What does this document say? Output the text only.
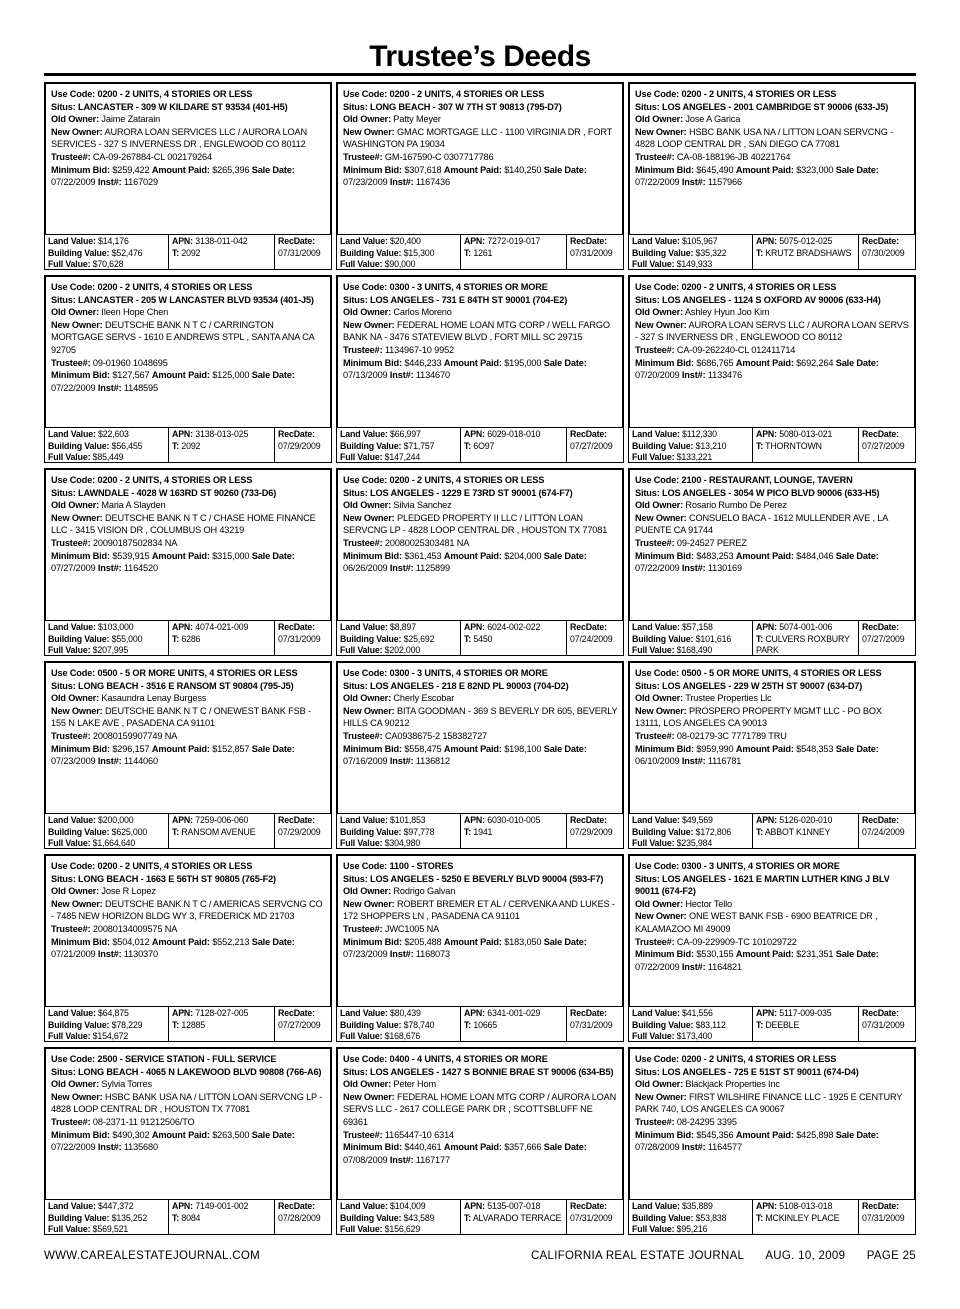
Trustee’s Deeds
Use Code: 0200 - 2 UNITS, 4 STORIES OR LESS
Situs: LANCASTER - 309 W KILDARE ST 93534 (401-H5)
Old Owner: Jaime Zatarain
New Owner: AURORA LOAN SERVICES LLC / AURORA LOAN SERVICES - 327 S INVERNESS DR , ENGLEWOOD CO 80112
Trustee#: CA-09-267884-CL 002179264
Minimum Bid: $259,422 Amount Paid: $265,396 Sale Date: 07/22/2009 Inst#: 1167029
Land Value: $14,176
Building Value: $52,476
Full Value: $70,628
APN: 3138-011-042
T: 2092
RecDate:
07/31/2009
Use Code: 0200 - 2 UNITS, 4 STORIES OR LESS
Situs: LONG BEACH - 307 W 7TH ST 90813 (795-D7)
Old Owner: Patty Meyer
New Owner: GMAC MORTGAGE LLC - 1100 VIRGINIA DR , FORT WASHINGTON PA 19034
Trustee#: GM-167590-C 0307717786
Minimum Bid: $307,618 Amount Paid: $140,250 Sale Date: 07/23/2009 Inst#: 1167436
Land Value: $20,400
Building Value: $15,300
Full Value: $90,000
APN: 7272-019-017
T: 1261
RecDate:
07/31/2009
Use Code: 0200 - 2 UNITS, 4 STORIES OR LESS
Situs: LOS ANGELES - 2001 CAMBRIDGE ST 90006 (633-J5)
Old Owner: Jose A Garica
New Owner: HSBC BANK USA NA / LITTON LOAN SERVCNG - 4828 LOOP CENTRAL DR , SAN DIEGO CA 77081
Trustee#: CA-08-188196-JB 40221764
Minimum Bid: $645,490 Amount Paid: $323,000 Sale Date: 07/22/2009 Inst#: 1157966
Land Value: $105,967
Building Value: $35,322
Full Value: $149,933
APN: 5075-012-025
T: KRUTZ BRADSHAWS
RecDate:
07/30/2009
Use Code: 0200 - 2 UNITS, 4 STORIES OR LESS
Situs: LANCASTER - 205 W LANCASTER BLVD 93534 (401-J5)
Old Owner: Ileen Hope Chen
New Owner: DEUTSCHE BANK N T C / CARRINGTON MORTGAGE SERVS - 1610 E ANDREWS STPL , SANTA ANA CA 92705
Trustee#: 09-01960 1048695
Minimum Bid: $127,567 Amount Paid: $125,000 Sale Date: 07/22/2009 Inst#: 1148595
Land Value: $22,603
Building Value: $56,455
Full Value: $85,449
APN: 3138-013-025
T: 2092
RecDate:
07/29/2009
Use Code: 0300 - 3 UNITS, 4 STORIES OR MORE
Situs: LOS ANGELES - 731 E 84TH ST 90001 (704-E2)
Old Owner: Carlos Moreno
New Owner: FEDERAL HOME LOAN MTG CORP / WELL FARGO BANK NA - 3476 STATEVIEW BLVD , FORT MILL SC 29715
Trustee#: 1134967-10 9952
Minimum Bid: $446,233 Amount Paid: $195,000 Sale Date: 07/13/2009 Inst#: 1134670
Land Value: $66,997
Building Value: $71,757
Full Value: $147,244
APN: 6029-018-010
T: 6O97
RecDate:
07/27/2009
Use Code: 0200 - 2 UNITS, 4 STORIES OR LESS
Situs: LOS ANGELES - 1124 S OXFORD AV 90006 (633-H4)
Old Owner: Ashley Hyun Joo Kim
New Owner: AURORA LOAN SERVS LLC / AURORA LOAN SERVS - 327 S INVERNESS DR , ENGLEWOOD CO 80112
Trustee#: CA-09-262240-CL 012411714
Minimum Bid: $686,765 Amount Paid: $692,264 Sale Date: 07/20/2009 Inst#: 1133476
Land Value: $112,330
Building Value: $13,210
Full Value: $133,221
APN: 5080-013-021
T: THORNTOWN
RecDate:
07/27/2009
Use Code: 0200 - 2 UNITS, 4 STORIES OR LESS
Situs: LAWNDALE - 4028 W 163RD ST 90260 (733-D6)
Old Owner: Maria A Slayden
New Owner: DEUTSCHE BANK N T C / CHASE HOME FINANCE LLC - 3415 VISION DR , COLUMBUS OH 43219
Trustee#: 20090187502834 NA
Minimum Bid: $539,915 Amount Paid: $315,000 Sale Date: 07/27/2009 Inst#: 1164520
Land Value: $103,000
Building Value: $55,000
Full Value: $207,995
APN: 4074-021-009
T: 6286
RecDate:
07/31/2009
Use Code: 0200 - 2 UNITS, 4 STORIES OR LESS
Situs: LOS ANGELES - 1229 E 73RD ST 90001 (674-F7)
Old Owner: Silvia Sanchez
New Owner: PLEDGED PROPERTY II LLC / LITTON LOAN SERVCNG LP - 4828 LOOP CENTRAL DR , HOUSTON TX 77081
Trustee#: 20080025303481 NA
Minimum Bid: $361,453 Amount Paid: $204,000 Sale Date: 06/26/2009 Inst#: 1125899
Land Value: $8,897
Building Value: $25,692
Full Value: $202,000
APN: 6024-002-022
T: 5450
RecDate:
07/24/2009
Use Code: 2100 - RESTAURANT, LOUNGE, TAVERN
Situs: LOS ANGELES - 3054 W PICO BLVD 90006 (633-H5)
Old Owner: Rosario Rumbo De Perez
New Owner: CONSUELO BACA - 1612 MULLENDER AVE , LA PUENTE CA 91744
Trustee#: 09-24527 PEREZ
Minimum Bid: $483,253 Amount Paid: $484,046 Sale Date: 07/22/2009 Inst#: 1130169
Land Value: $57,158
Building Value: $101,616
Full Value: $168,490
APN: 5074-001-006
T: CULVERS ROXBURY PARK
RecDate:
07/27/2009
Use Code: 0500 - 5 OR MORE UNITS, 4 STORIES OR LESS
Situs: LONG BEACH - 3516 E RANSOM ST 90804 (795-J5)
Old Owner: Kasaundra Lenay Burgess
New Owner: DEUTSCHE BANK N T C / ONEWEST BANK FSB - 155 N LAKE AVE , PASADENA CA 91101
Trustee#: 20080159907749 NA
Minimum Bid: $296,157 Amount Paid: $152,857 Sale Date: 07/23/2009 Inst#: 1144060
Land Value: $200,000
Building Value: $625,000
Full Value: $1,664,640
APN: 7259-006-060
T: RANSOM AVENUE
RecDate:
07/29/2009
Use Code: 0300 - 3 UNITS, 4 STORIES OR MORE
Situs: LOS ANGELES - 218 E 82ND PL 90003 (704-D2)
Old Owner: Cherly Escobar
New Owner: BITA GOODMAN - 369 S BEVERLY DR 605, BEVERLY HILLS CA 90212
Trustee#: CA0938675-2 158382727
Minimum Bid: $558,475 Amount Paid: $198,100 Sale Date: 07/16/2009 Inst#: 1136812
Land Value: $101,853
Building Value: $97,778
Full Value: $304,980
APN: 6030-010-005
T: 1941
RecDate:
07/29/2009
Use Code: 0500 - 5 OR MORE UNITS, 4 STORIES OR LESS
Situs: LOS ANGELES - 229 W 25TH ST 90007 (634-D7)
Old Owner: Trustee Properties Llc
New Owner: PROSPERO PROPERTY MGMT LLC - PO BOX 13111, LOS ANGELES CA 90013
Trustee#: 08-02179-3C 7771789 TRU
Minimum Bid: $959,990 Amount Paid: $548,353 Sale Date: 06/10/2009 Inst#: 1116781
Land Value: $49,569
Building Value: $172,806
Full Value: $235,984
APN: 5126-020-010
T: ABBOT K1NNEY
RecDate:
07/24/2009
Use Code: 0200 - 2 UNITS, 4 STORIES OR LESS
Situs: LONG BEACH - 1663 E 56TH ST 90805 (765-F2)
Old Owner: Jose R Lopez
New Owner: DEUTSCHE BANK N T C / AMERICAS SERVCNG CO - 7485 NEW HORIZON BLDG WY 3, FREDERICK MD 21703
Trustee#: 20080134009575 NA
Minimum Bid: $504,012 Amount Paid: $552,213 Sale Date: 07/21/2009 Inst#: 1130370
Land Value: $64,875
Building Value: $78,229
Full Value: $154,672
APN: 7128-027-005
T: 12885
RecDate:
07/27/2009
Use Code: 1100 - STORES
Situs: LOS ANGELES - 5250 E BEVERLY BLVD 90004 (593-F7)
Old Owner: Rodrigo Galvan
New Owner: ROBERT BREMER ET AL / CERVENKA AND LUKES - 172 SHOPPERS LN , PASADENA CA 91101
Trustee#: JWC1005 NA
Minimum Bid: $205,488 Amount Paid: $183,050 Sale Date: 07/23/2009 Inst#: 1168073
Land Value: $80,439
Building Value: $78,740
Full Value: $168,676
APN: 6341-001-029
T: 10665
RecDate:
07/31/2009
Use Code: 0300 - 3 UNITS, 4 STORIES OR MORE
Situs: LOS ANGELES - 1621 E MARTIN LUTHER KING J BLV 90011 (674-F2)
Old Owner: Hector Tello
New Owner: ONE WEST BANK FSB - 6900 BEATRICE DR , KALAMAZOO MI 49009
Trustee#: CA-09-229909-TC 101029722
Minimum Bid: $530,155 Amount Paid: $231,351 Sale Date: 07/22/2009 Inst#: 1164821
Land Value: $41,556
Building Value: $83,112
Full Value: $173,400
APN: 5117-009-035
T: DEEBLE
RecDate:
07/31/2009
Use Code: 2500 - SERVICE STATION - FULL SERVICE
Situs: LONG BEACH - 4065 N LAKEWOOD BLVD 90808 (766-A6)
Old Owner: Sylvia Torres
New Owner: HSBC BANK USA NA / LITTON LOAN SERVCNG LP - 4828 LOOP CENTRAL DR , HOUSTON TX 77081
Trustee#: 08-2371-11 91212506/TO
Minimum Bid: $490,302 Amount Paid: $263,500 Sale Date: 07/22/2009 Inst#: 1135680
Land Value: $447,372
Building Value: $135,252
Full Value: $569,521
APN: 7149-001-002
T: 8084
RecDate:
07/28/2009
Use Code: 0400 - 4 UNITS, 4 STORIES OR MORE
Situs: LOS ANGELES - 1427 S BONNIE BRAE ST 90006 (634-B5)
Old Owner: Peter Hom
New Owner: FEDERAL HOME LOAN MTG CORP / AURORA LOAN SERVS LLC - 2617 COLLEGE PARK DR , SCOTTSBLUFF NE 69361
Trustee#: 1165447-10 6314
Minimum Bid: $440,461 Amount Paid: $357,666 Sale Date: 07/08/2009 Inst#: 1167177
Land Value: $104,009
Building Value: $43,589
Full Value: $156,629
APN: 5135-007-018
T: ALVARADO TERRACE
RecDate:
07/31/2009
Use Code: 0200 - 2 UNITS, 4 STORIES OR LESS
Situs: LOS ANGELES - 725 E 51ST ST 90011 (674-D4)
Old Owner: Blackjack Properties Inc
New Owner: FIRST WILSHIRE FINANCE LLC - 1925 E CENTURY PARK 740, LOS ANGELES CA 90067
Trustee#: 08-24295 3395
Minimum Bid: $545,356 Amount Paid: $425,898 Sale Date: 07/28/2009 Inst#: 1164577
Land Value: $35,889
Building Value: $53,838
Full Value: $95,216
APN: 5108-013-018
T: MCKINLEY PLACE
RecDate:
07/31/2009
WWW.CAREALESTATEJOURNAL.COM	CALIFORNIA REAL ESTATE JOURNAL AUG. 10, 2009 PAGE 25
